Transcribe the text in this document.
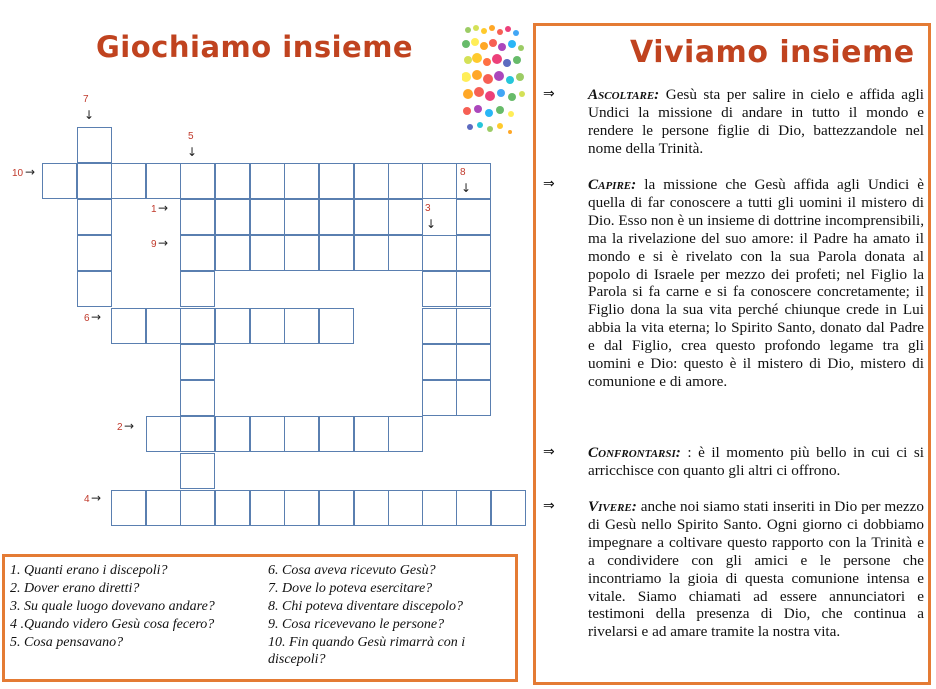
Giochiamo insieme	Viviamo insieme
7
↓
5
↓
8
↓
3
↓
10 →
1 →
9 →
6 →
2 →
4 →
1. Quanti erano i discepoli?
2. Dover erano diretti?
3. Su quale luogo dovevano andare?
4 .Quando videro Gesù cosa fecero?
5. Cosa pensavano?
6. Cosa aveva ricevuto Gesù?
7. Dove lo poteva esercitare?
8. Chi poteva diventare discepolo?
9. Cosa ricevevano le persone?
10. Fin quando Gesù rimarrà con i discepoli?
⇒ Ascoltare: Gesù sta per salire in cielo e affida agli Undici la missione di andare in tutto il mondo e rendere le persone figlie di Dio, battezzandole nel nome della Trinità.
⇒ Capire: la missione che Gesù affida agli Undici è quella di far conoscere a tutti gli uomini il mistero di Dio. Esso non è un insieme di dottrine incomprensibili, ma la rivelazione del suo amore: il Padre ha amato il mondo e si è rivelato con la sua Parola donata al popolo di Israele per mezzo dei profeti; nel Figlio la Parola si fa carne e si fa conoscere concretamente; il Figlio dona la sua vita perché chiunque crede in Lui abbia la vita eterna; lo Spirito Santo, donato dal Padre e dal Figlio, crea questo profondo legame tra gli uomini e Dio: questo è il mistero di Dio, mistero di comunione e di amore.
⇒ Confrontarsi: : è il momento più bello in cui ci si arricchisce con quanto gli altri ci offrono.
⇒ Vivere: anche noi siamo stati inseriti in Dio per mezzo di Gesù nello Spirito Santo. Ogni giorno ci dobbiamo impegnare a coltivare questo rapporto con la Trinità e a condividere con gli amici e le persone che incontriamo la gioia di questa comunione intensa e vitale. Siamo chiamati ad essere annunciatori e testimoni della presenza di Dio, che continua a rivelarsi e ad amare tramite la nostra vita.
